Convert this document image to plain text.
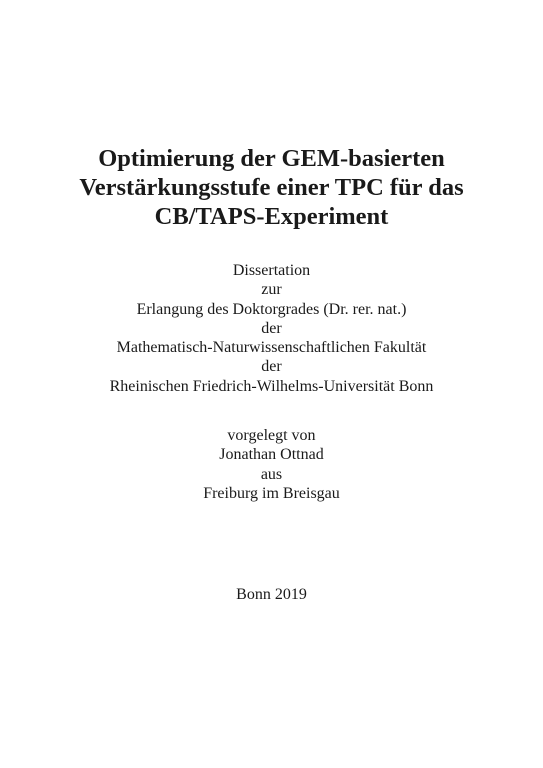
Optimierung der GEM-basierten
Verstärkungsstufe einer TPC für das
CB/TAPS-Experiment
Dissertation
zur
Erlangung des Doktorgrades (Dr. rer. nat.)
der
Mathematisch-Naturwissenschaftlichen Fakultät
der
Rheinischen Friedrich-Wilhelms-Universität Bonn
vorgelegt von
Jonathan Ottnad
aus
Freiburg im Breisgau
Bonn 2019
